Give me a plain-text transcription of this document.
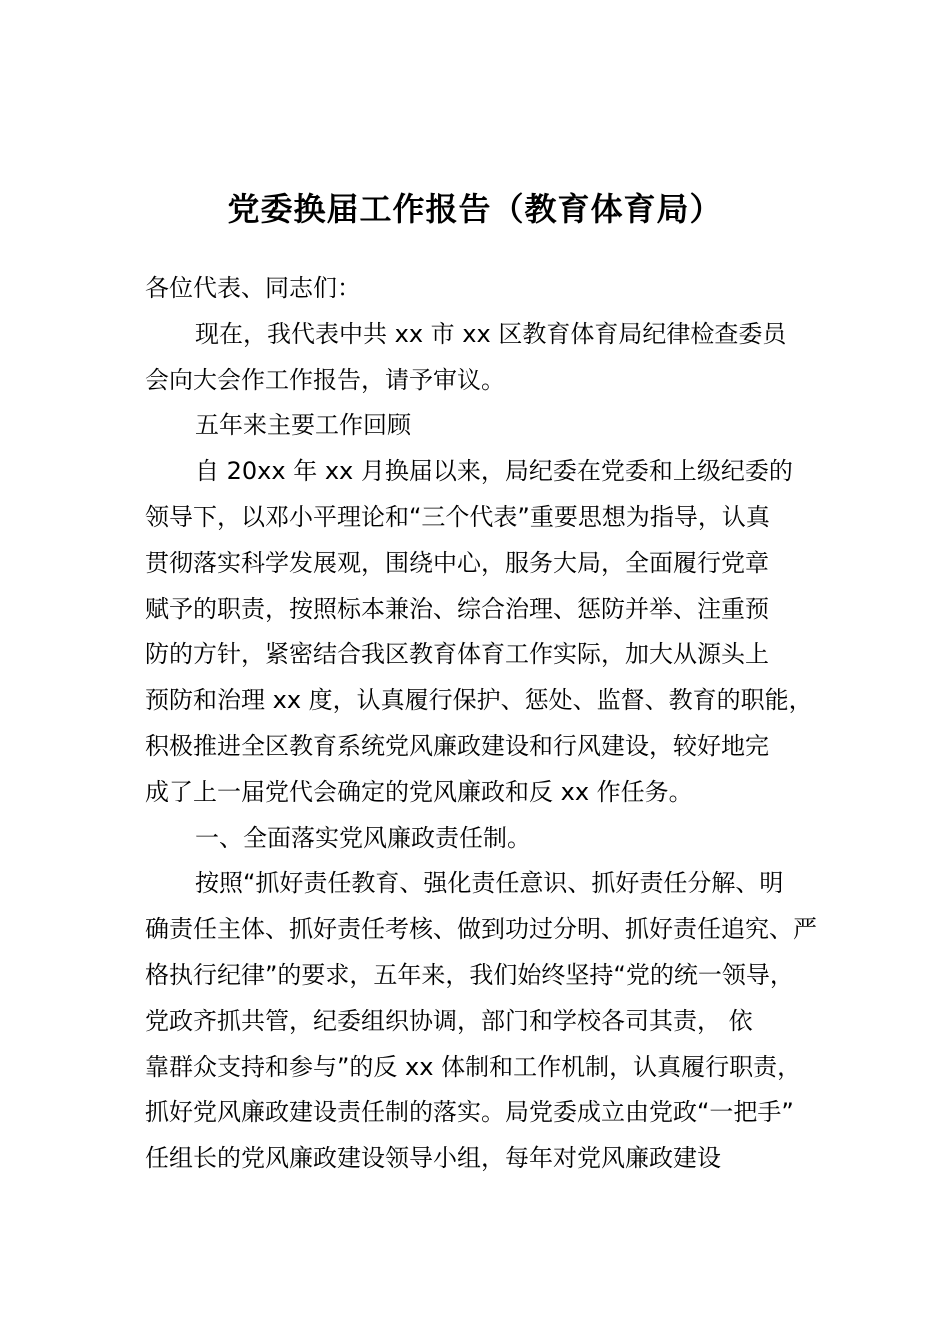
党委换届工作报告（教育体育局）
各位代表、同志们：
现在，我代表中共 xx 市 xx 区教育体育局纪律检查委员
会向大会作工作报告，请予审议。
五年来主要工作回顾
自 20xx 年 xx 月换届以来，局纪委在党委和上级纪委的
领导下，以邓小平理论和“三个代表”重要思想为指导，认真
贯彻落实科学发展观，围绕中心，服务大局，全面履行党章
赋予的职责，按照标本兼治、综合治理、惩防并举、注重预
防的方针，紧密结合我区教育体育工作实际，加大从源头上
预防和治理 xx 度，认真履行保护、惩处、监督、教育的职能，
积极推进全区教育系统党风廉政建设和行风建设，较好地完
成了上一届党代会确定的党风廉政和反 xx 作任务。
一、全面落实党风廉政责任制。
按照“抓好责任教育、强化责任意识、抓好责任分解、明
确责任主体、抓好责任考核、做到功过分明、抓好责任追究、严
格执行纪律”的要求，五年来，我们始终坚持“党的统一领导，
党政齐抓共管，纪委组织协调，部门和学校各司其责， 依
靠群众支持和参与”的反 xx 体制和工作机制，认真履行职责，
抓好党风廉政建设责任制的落实。局党委成立由党政“一把手”
任组长的党风廉政建设领导小组，每年对党风廉政建设
